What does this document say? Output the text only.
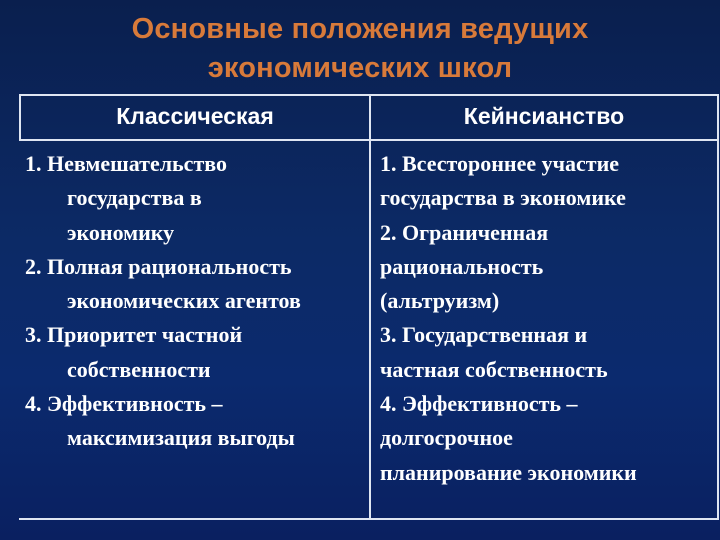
Основные положения ведущих
экономических школ
Классическая	Кейнсианство
1. Невмешательство
государства в
экономику
2. Полная рациональность
экономических агентов
3. Приоритет частной
собственности
4. Эффективность –
максимизация выгоды
1. Всестороннее участие
государства в экономике
2. Ограниченная
рациональность
(альтруизм)
3. Государственная и
частная собственность
4. Эффективность –
долгосрочное
планирование экономики
